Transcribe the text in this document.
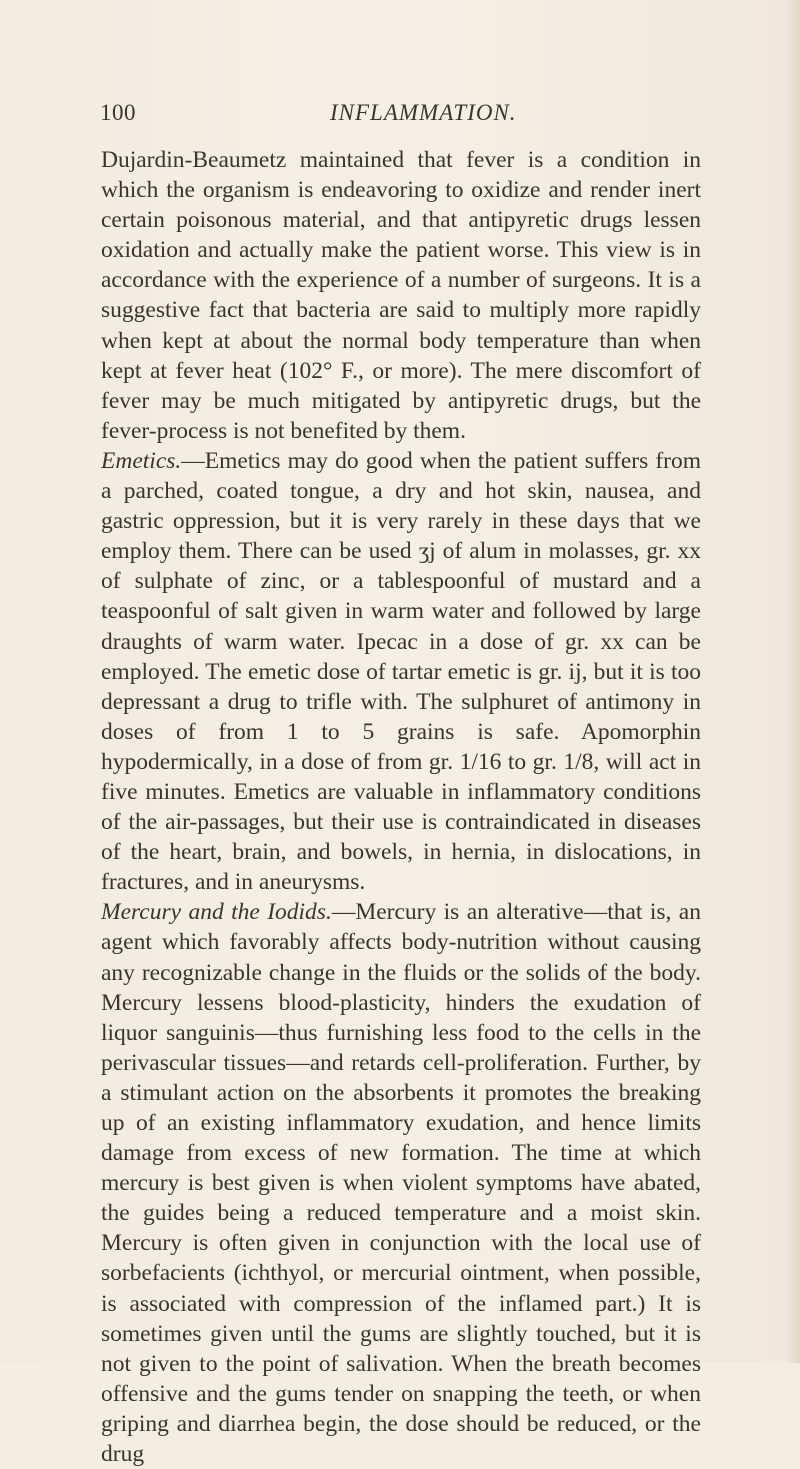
100	INFLAMMATION.

Dujardin-Beaumetz maintained that fever is a condition in which the organism is endeavoring to oxidize and render inert certain poisonous material, and that antipyretic drugs lessen oxidation and actually make the patient worse. This view is in accordance with the experience of a number of surgeons. It is a suggestive fact that bacteria are said to multiply more rapidly when kept at about the normal body temperature than when kept at fever heat (102° F., or more). The mere discomfort of fever may be much mitigated by antipyretic drugs, but the fever-process is not benefited by them.

Emetics.—Emetics may do good when the patient suffers from a parched, coated tongue, a dry and hot skin, nausea, and gastric oppression, but it is very rarely in these days that we employ them. There can be used ʒj of alum in molasses, gr. xx of sulphate of zinc, or a tablespoonful of mustard and a teaspoonful of salt given in warm water and followed by large draughts of warm water. Ipecac in a dose of gr. xx can be employed. The emetic dose of tartar emetic is gr. ij, but it is too depressant a drug to trifle with. The sulphuret of antimony in doses of from 1 to 5 grains is safe. Apomorphin hypodermically, in a dose of from gr. 1/16 to gr. 1/8, will act in five minutes. Emetics are valuable in inflammatory conditions of the air-passages, but their use is contraindicated in diseases of the heart, brain, and bowels, in hernia, in dislocations, in fractures, and in aneurysms.

Mercury and the Iodids.—Mercury is an alterative—that is, an agent which favorably affects body-nutrition without causing any recognizable change in the fluids or the solids of the body. Mercury lessens blood-plasticity, hinders the exudation of liquor sanguinis—thus furnishing less food to the cells in the perivascular tissues—and retards cell-proliferation. Further, by a stimulant action on the absorbents it promotes the breaking up of an existing inflammatory exudation, and hence limits damage from excess of new formation. The time at which mercury is best given is when violent symptoms have abated, the guides being a reduced temperature and a moist skin. Mercury is often given in conjunction with the local use of sorbefacients (ichthyol, or mercurial ointment, when possible, is associated with compression of the inflamed part.) It is sometimes given until the gums are slightly touched, but it is not given to the point of salivation. When the breath becomes offensive and the gums tender on snapping the teeth, or when griping and diarrhea begin, the dose should be reduced, or the drug
